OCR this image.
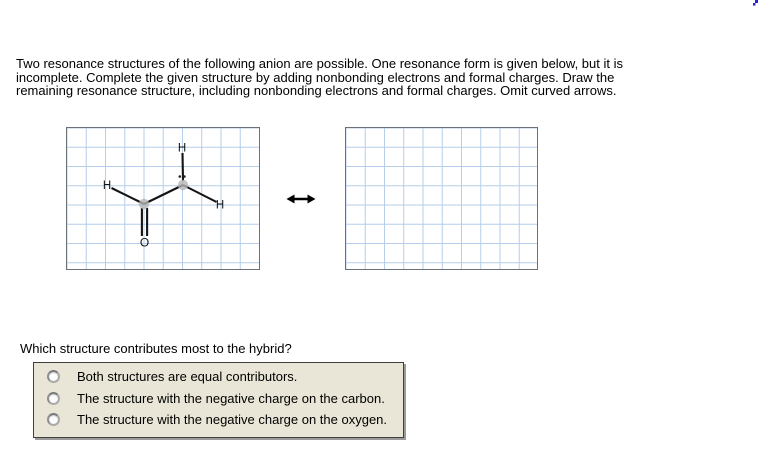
Two resonance structures of the following anion are possible. One resonance form is given below, but it is
incomplete. Complete the given structure by adding nonbonding electrons and formal charges. Draw the
remaining resonance structure, including nonbonding electrons and formal charges. Omit curved arrows.
H
H
H
O
Which structure contributes most to the hybrid?
Both structures are equal contributors.
The structure with the negative charge on the carbon.
The structure with the negative charge on the oxygen.
